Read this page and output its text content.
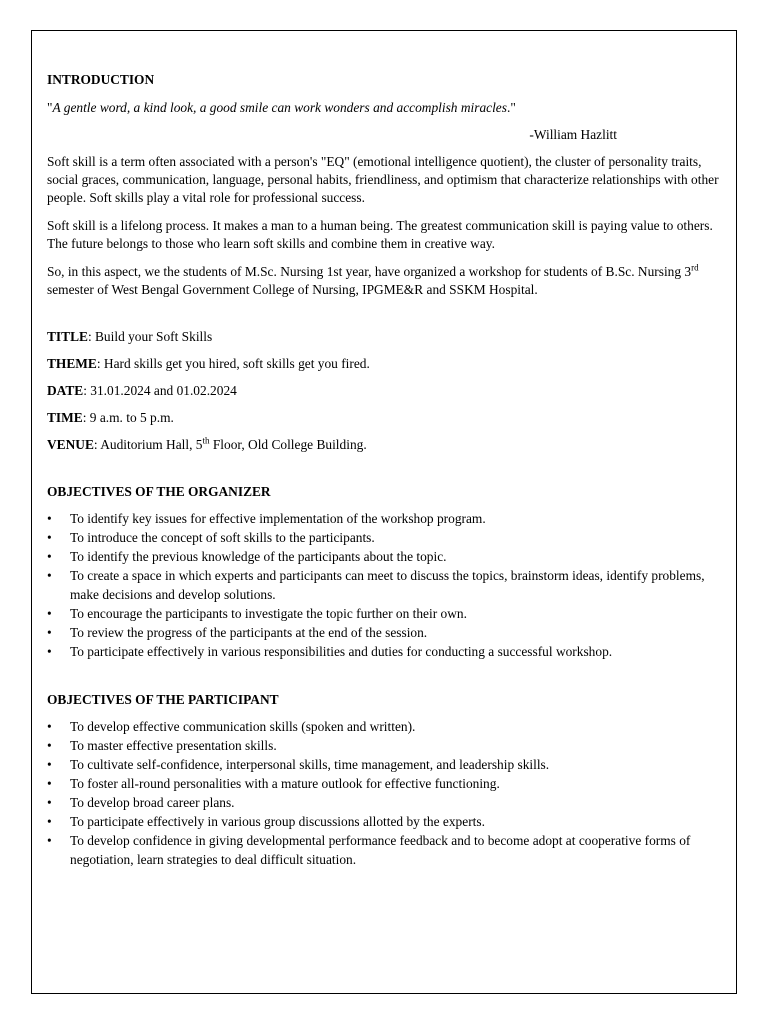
INTRODUCTION

"A gentle word, a kind look, a good smile can work wonders and accomplish miracles."

-William Hazlitt

Soft skill is a term often associated with a person's "EQ" (emotional intelligence quotient), the cluster of personality traits, social graces, communication, language, personal habits, friendliness, and optimism that characterize relationships with other people. Soft skills play a vital role for professional success.

Soft skill is a lifelong process. It makes a man to a human being. The greatest communication skill is paying value to others. The future belongs to those who learn soft skills and combine them in creative way.

So, in this aspect, we the students of M.Sc. Nursing 1st year, have organized a workshop for students of B.Sc. Nursing 3rd semester of West Bengal Government College of Nursing, IPGME&R and SSKM Hospital.

TITLE: Build your Soft Skills

THEME: Hard skills get you hired, soft skills get you fired.

DATE: 31.01.2024 and 01.02.2024

TIME: 9 a.m. to 5 p.m.

VENUE: Auditorium Hall, 5th Floor, Old College Building.

OBJECTIVES OF THE ORGANIZER
• To identify key issues for effective implementation of the workshop program.
• To introduce the concept of soft skills to the participants.
• To identify the previous knowledge of the participants about the topic.
• To create a space in which experts and participants can meet to discuss the topics, brainstorm ideas, identify problems, make decisions and develop solutions.
• To encourage the participants to investigate the topic further on their own.
• To review the progress of the participants at the end of the session.
• To participate effectively in various responsibilities and duties for conducting a successful workshop.
OBJECTIVES OF THE PARTICIPANT
• To develop effective communication skills (spoken and written).
• To master effective presentation skills.
• To cultivate self-confidence, interpersonal skills, time management, and leadership skills.
• To foster all-round personalities with a mature outlook for effective functioning.
• To develop broad career plans.
• To participate effectively in various group discussions allotted by the experts.
• To develop confidence in giving developmental performance feedback and to become adopt at cooperative forms of negotiation, learn strategies to deal difficult situation.
